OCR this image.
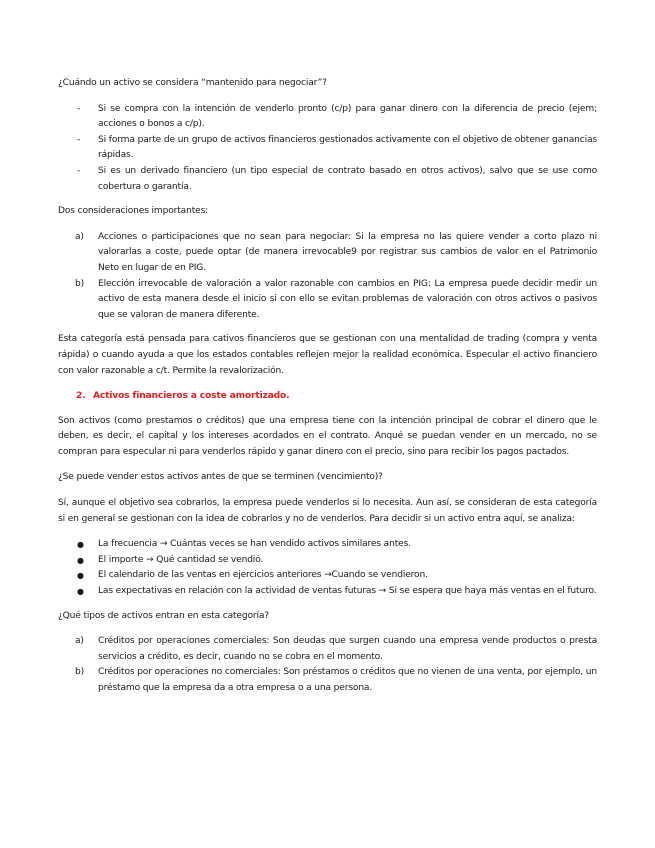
¿Cuándo un activo se considera “mantenido para negociar”?

- Si se compra con la intención de venderlo pronto (c/p) para ganar dinero con la diferencia de precio (ejem; acciones o bonos a c/p).
- Si forma parte de un grupo de activos financieros gestionados activamente con el objetivo de obtener ganancias rápidas.
- Si es un derivado financiero (un tipo especial de contrato basado en otros activos), salvo que se use como cobertura o garantía.

Dos consideraciones importantes:

a) Acciones o participaciones que no sean para negociar: Si la empresa no las quiere vender a corto plazo ni valorarlas a coste, puede optar (de manera irrevocable9 por registrar sus cambios de valor en el Patrimonio Neto en lugar de en PIG.
b) Elección irrevocable de valoración a valor razonable con cambios en PIG: La empresa puede decidir medir un activo de esta manera desde el inicio si con ello se evitan problemas de valoración con otros activos o pasivos que se valoran de manera diferente.

Esta categoría está pensada para cativos financieros que se gestionan con una mentalidad de trading (compra y venta rápida) o cuando ayuda a que los estados contables reflejen mejor la realidad económica. Especular el activo financiero con valor razonable a c/t. Permite la revalorización.

2. Activos financieros a coste amortizado.

Son activos (como prestamos o créditos) que una empresa tiene con la intención principal de cobrar el dinero que le deben, es decir, el capital y los intereses acordados en el contrato. Anqué se puedan vender en un mercado, no se compran para especular ni para venderlos rápido y ganar dinero con el precio, sino para recibir los pagos pactados.

¿Se puede vender estos activos antes de que se terminen (vencimiento)?

Sí, aunque el objetivo sea cobrarlos, la empresa puede venderlos si lo necesita. Aun así, se consideran de esta categoría si en general se gestionan con la idea de cobrarlos y no de venderlos. Para decidir si un activo entra aquí, se analiza:

● La frecuencia → Cuántas veces se han vendido activos similares antes.
● El importe → Qué cantidad se vendió.
● El calendario de las ventas en ejercicios anteriores →Cuando se vendieron.
● Las expectativas en relación con la actividad de ventas futuras → Si se espera que haya más ventas en el futuro.

¿Qué tipos de activos entran en esta categoría?

a) Créditos por operaciones comerciales: Son deudas que surgen cuando una empresa vende productos o presta servicios a crédito, es decir, cuando no se cobra en el momento.
b) Créditos por operaciones no comerciales: Son préstamos o créditos que no vienen de una venta, por ejemplo, un préstamo que la empresa da a otra empresa o a una persona.
